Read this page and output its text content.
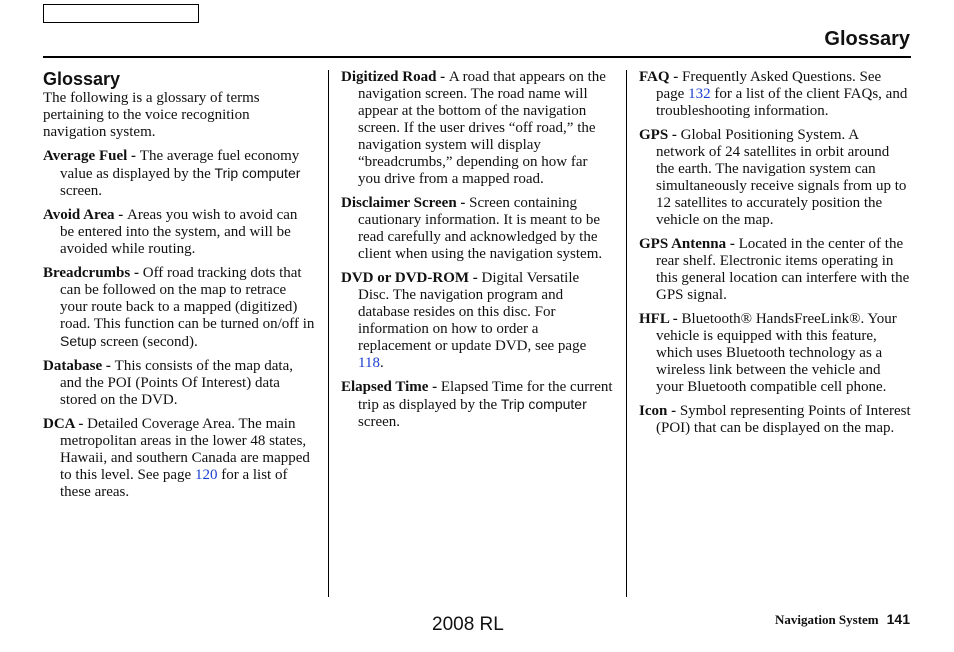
Glossary
Glossary

The following is a glossary of terms pertaining to the voice recognition navigation system.

Average Fuel - The average fuel economy value as displayed by the Trip computer screen.

Avoid Area - Areas you wish to avoid can be entered into the system, and will be avoided while routing.

Breadcrumbs - Off road tracking dots that can be followed on the map to retrace your route back to a mapped (digitized) road. This function can be turned on/off in Setup screen (second).

Database - This consists of the map data, and the POI (Points Of Interest) data stored on the DVD.

DCA - Detailed Coverage Area. The main metropolitan areas in the lower 48 states, Hawaii, and southern Canada are mapped to this level. See page 120 for a list of these areas.

Digitized Road - A road that appears on the navigation screen. The road name will appear at the bottom of the navigation screen. If the user drives “off road,” the navigation system will display “breadcrumbs,” depending on how far you drive from a mapped road.

Disclaimer Screen - Screen containing cautionary information. It is meant to be read carefully and acknowledged by the client when using the navigation system.

DVD or DVD-ROM - Digital Versatile Disc. The navigation program and database resides on this disc. For information on how to order a replacement or update DVD, see page 118.

Elapsed Time - Elapsed Time for the current trip as displayed by the Trip computer screen.

FAQ - Frequently Asked Questions. See page 132 for a list of the client FAQs, and troubleshooting information.

GPS - Global Positioning System. A network of 24 satellites in orbit around the earth. The navigation system can simultaneously receive signals from up to 12 satellites to accurately position the vehicle on the map.

GPS Antenna - Located in the center of the rear shelf. Electronic items operating in this general location can interfere with the GPS signal.

HFL - Bluetooth® HandsFreeLink®. Your vehicle is equipped with this feature, which uses Bluetooth technology as a wireless link between the vehicle and your Bluetooth compatible cell phone.

Icon - Symbol representing Points of Interest (POI) that can be displayed on the map.

Navigation System 141
2008 RL
